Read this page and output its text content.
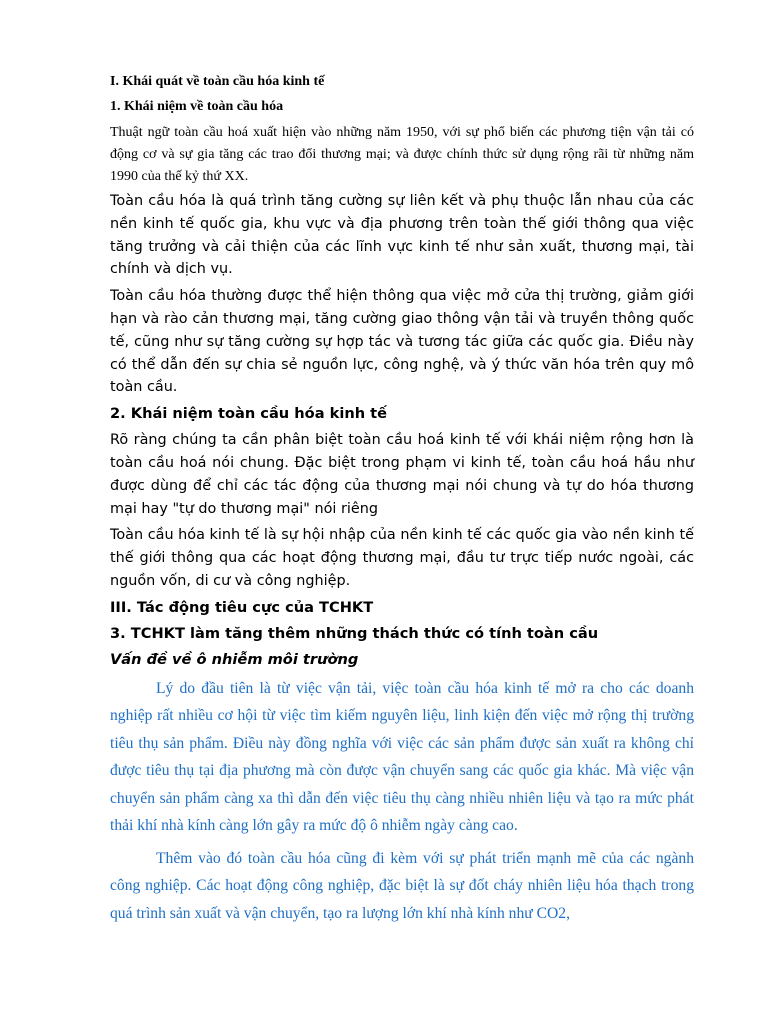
I. Khái quát về toàn cầu hóa kinh tế
1. Khái niệm về toàn cầu hóa

Thuật ngữ toàn cầu hoá xuất hiện vào những năm 1950, với sự phổ biến các phương tiện vận tải có động cơ và sự gia tăng các trao đổi thương mại; và được chính thức sử dụng rộng rãi từ những năm 1990 của thế kỷ thứ XX.

Toàn cầu hóa là quá trình tăng cường sự liên kết và phụ thuộc lẫn nhau của các nền kinh tế quốc gia, khu vực và địa phương trên toàn thế giới thông qua việc tăng trưởng và cải thiện của các lĩnh vực kinh tế như sản xuất, thương mại, tài chính và dịch vụ.

Toàn cầu hóa thường được thể hiện thông qua việc mở cửa thị trường, giảm giới hạn và rào cản thương mại, tăng cường giao thông vận tải và truyền thông quốc tế, cũng như sự tăng cường sự hợp tác và tương tác giữa các quốc gia. Điều này có thể dẫn đến sự chia sẻ nguồn lực, công nghệ, và ý thức văn hóa trên quy mô toàn cầu.

2. Khái niệm toàn cầu hóa kinh tế

Rõ ràng chúng ta cần phân biệt toàn cầu hoá kinh tế với khái niệm rộng hơn là toàn cầu hoá nói chung. Đặc biệt trong phạm vi kinh tế, toàn cầu hoá hầu như được dùng để chỉ các tác động của thương mại nói chung và tự do hóa thương mại hay "tự do thương mại" nói riêng

Toàn cầu hóa kinh tế là sự hội nhập của nền kinh tế các quốc gia vào nền kinh tế thế giới thông qua các hoạt động thương mại, đầu tư trực tiếp nước ngoài, các nguồn vốn, di cư và công nghiệp.

III. Tác động tiêu cực của TCHKT
3. TCHKT làm tăng thêm những thách thức có tính toàn cầu
Vấn đề về ô nhiễm môi trường

Lý do đầu tiên là từ việc vận tải, việc toàn cầu hóa kinh tế mở ra cho các doanh nghiệp rất nhiều cơ hội từ việc tìm kiếm nguyên liệu, linh kiện đến việc mở rộng thị trường tiêu thụ sản phẩm. Điều này đồng nghĩa với việc các sản phẩm được sản xuất ra không chỉ được tiêu thụ tại địa phương mà còn được vận chuyển sang các quốc gia khác. Mà việc vận chuyển sản phẩm càng xa thì dẫn đến việc tiêu thụ càng nhiều nhiên liệu và tạo ra mức phát thải khí nhà kính càng lớn gây ra mức độ ô nhiễm ngày càng cao.

Thêm vào đó toàn cầu hóa cũng đi kèm với sự phát triển mạnh mẽ của các ngành công nghiệp. Các hoạt động công nghiệp, đặc biệt là sự đốt cháy nhiên liệu hóa thạch trong quá trình sản xuất và vận chuyển, tạo ra lượng lớn khí nhà kính như CO2,
